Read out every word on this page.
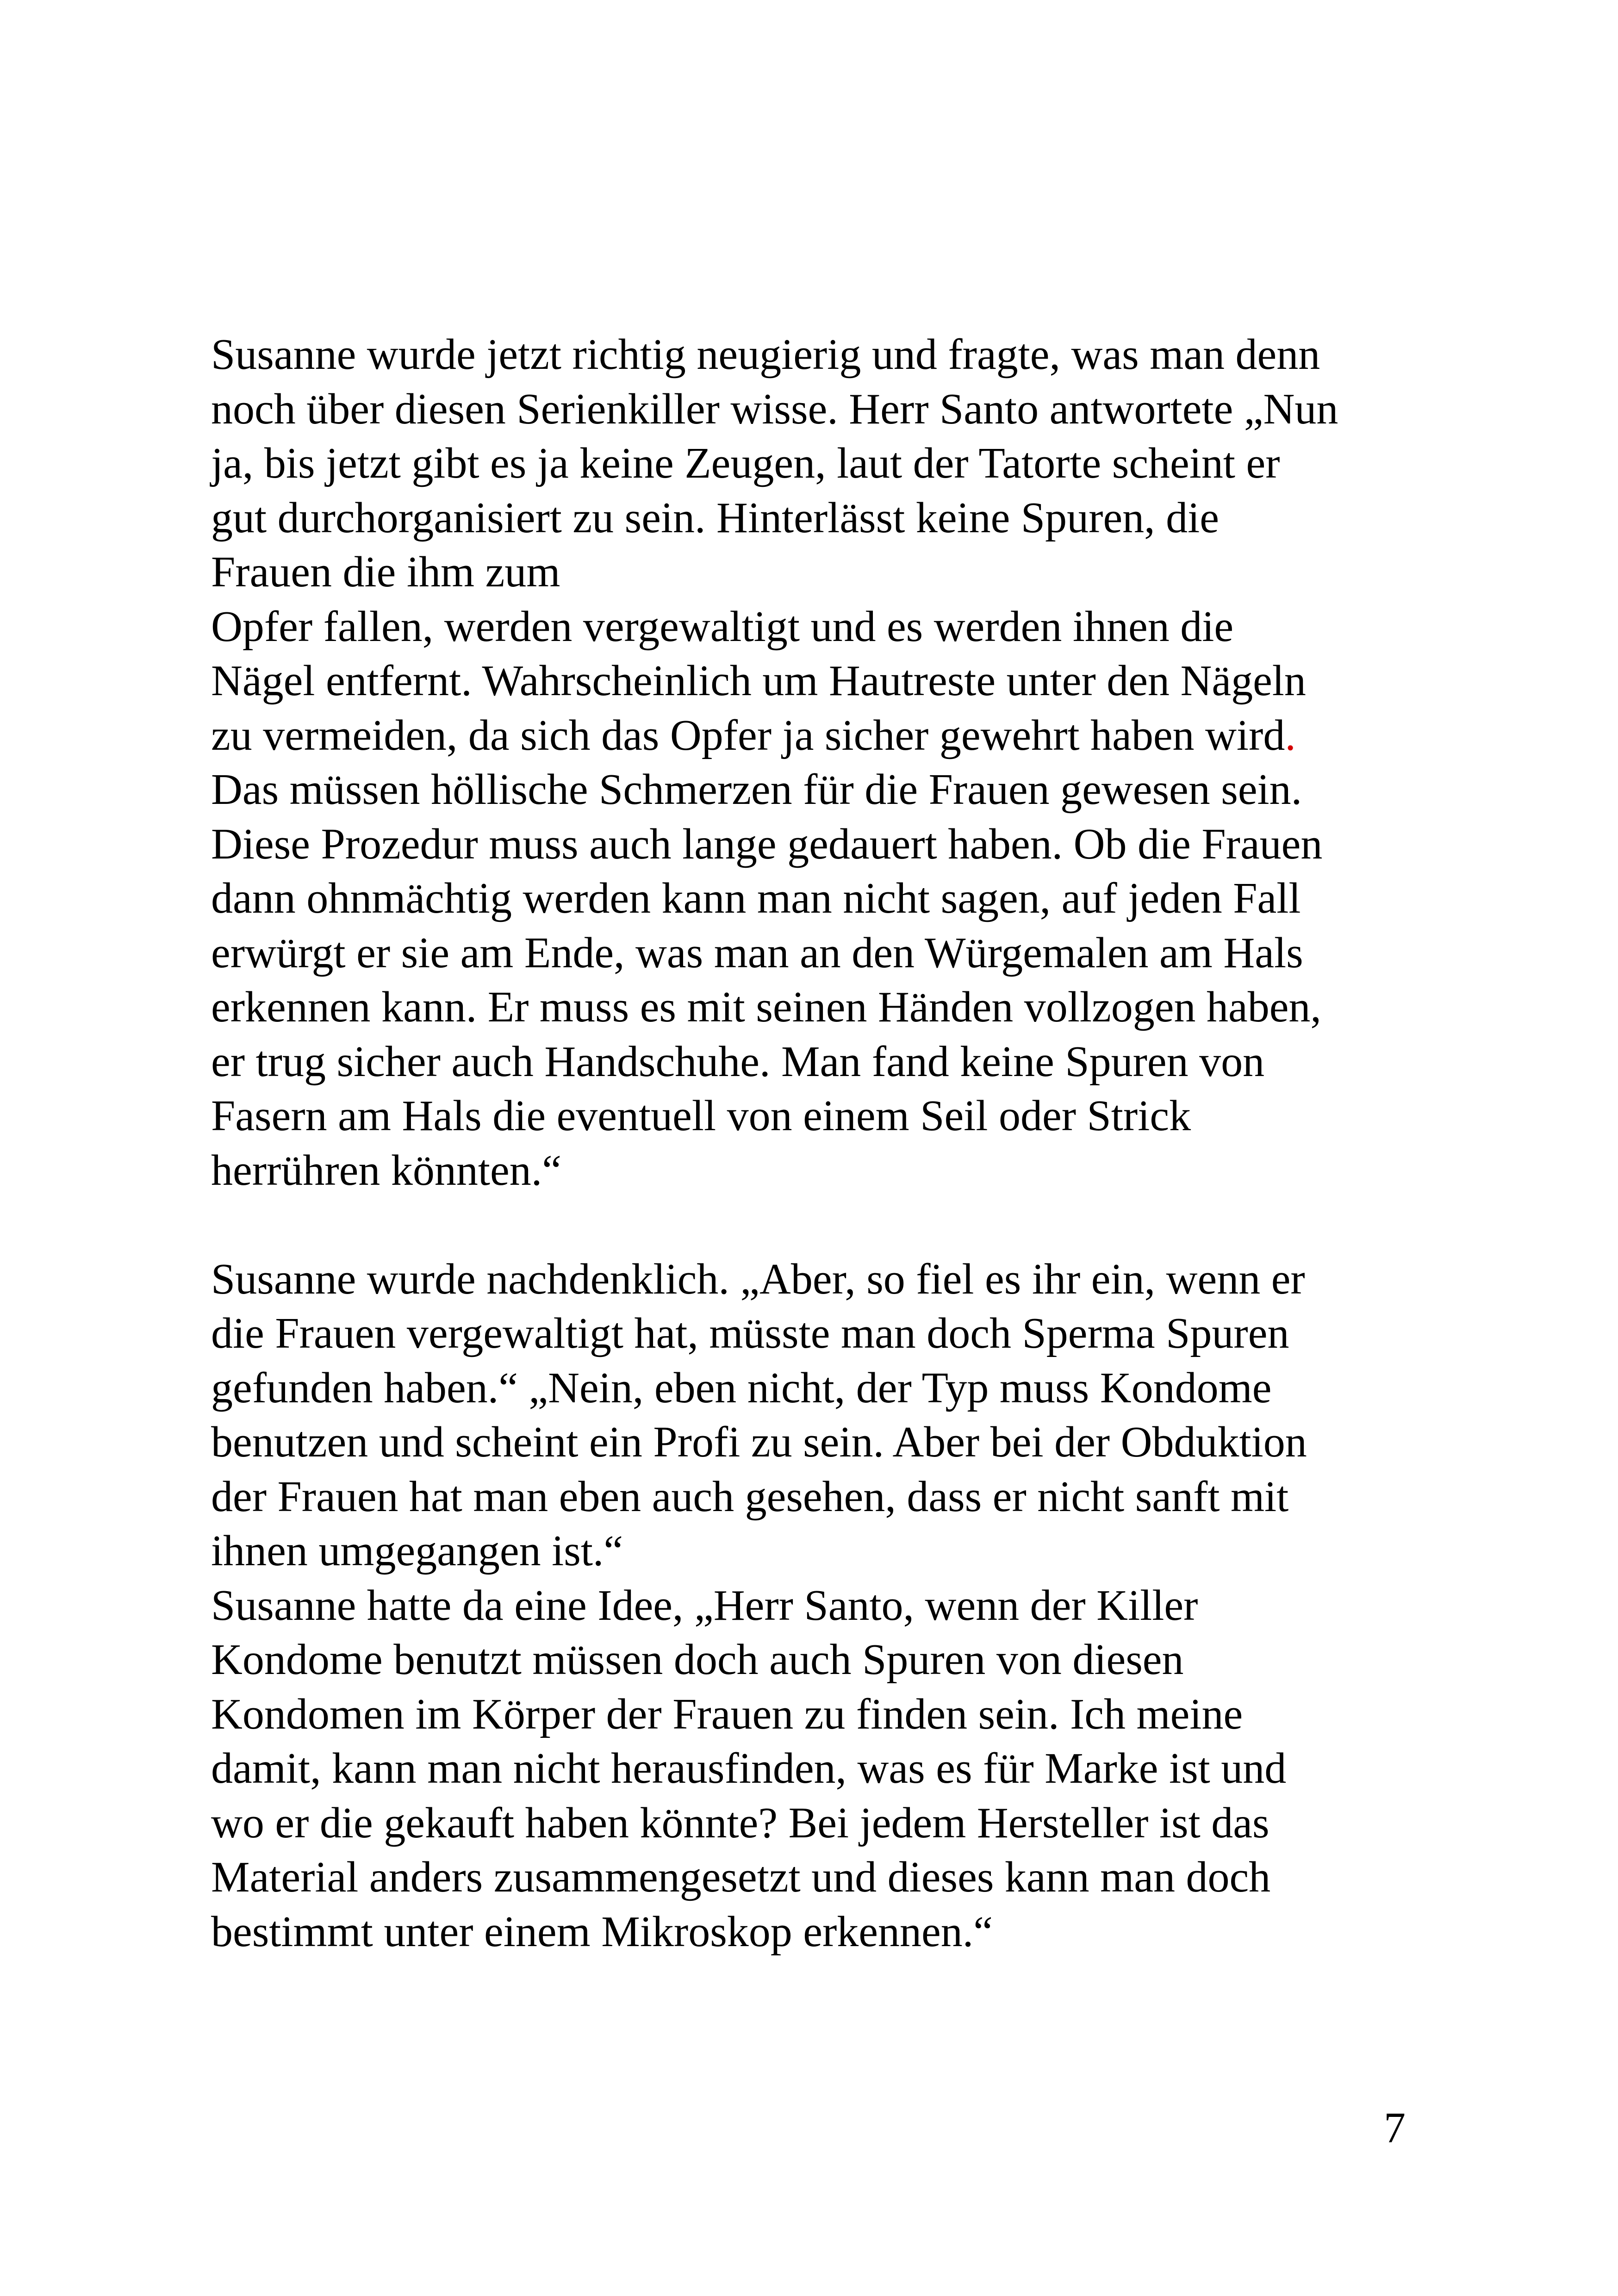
Susanne wurde jetzt richtig neugierig und fragte, was man denn
noch über diesen Serienkiller wisse. Herr Santo antwortete „Nun
ja, bis jetzt gibt es ja keine Zeugen, laut der Tatorte scheint er
gut durchorganisiert zu sein. Hinterlässt keine Spuren, die
Frauen die ihm zum
Opfer fallen, werden vergewaltigt und es werden ihnen die
Nägel entfernt. Wahrscheinlich um Hautreste unter den Nägeln
zu vermeiden, da sich das Opfer ja sicher gewehrt haben wird.
Das müssen höllische Schmerzen für die Frauen gewesen sein.
Diese Prozedur muss auch lange gedauert haben. Ob die Frauen
dann ohnmächtig werden kann man nicht sagen, auf jeden Fall
erwürgt er sie am Ende, was man an den Würgemalen am Hals
erkennen kann. Er muss es mit seinen Händen vollzogen haben,
er trug sicher auch Handschuhe. Man fand keine Spuren von
Fasern am Hals die eventuell von einem Seil oder Strick
herrühren könnten.“
Susanne wurde nachdenklich. „Aber, so fiel es ihr ein, wenn er
die Frauen vergewaltigt hat, müsste man doch Sperma Spuren
gefunden haben.“ „Nein, eben nicht, der Typ muss Kondome
benutzen und scheint ein Profi zu sein. Aber bei der Obduktion
der Frauen hat man eben auch gesehen, dass er nicht sanft mit
ihnen umgegangen ist.“
Susanne hatte da eine Idee, „Herr Santo, wenn der Killer
Kondome benutzt müssen doch auch Spuren von diesen
Kondomen im Körper der Frauen zu finden sein. Ich meine
damit, kann man nicht herausfinden, was es für Marke ist und
wo er die gekauft haben könnte? Bei jedem Hersteller ist das
Material anders zusammengesetzt und dieses kann man doch
bestimmt unter einem Mikroskop erkennen.“

7
